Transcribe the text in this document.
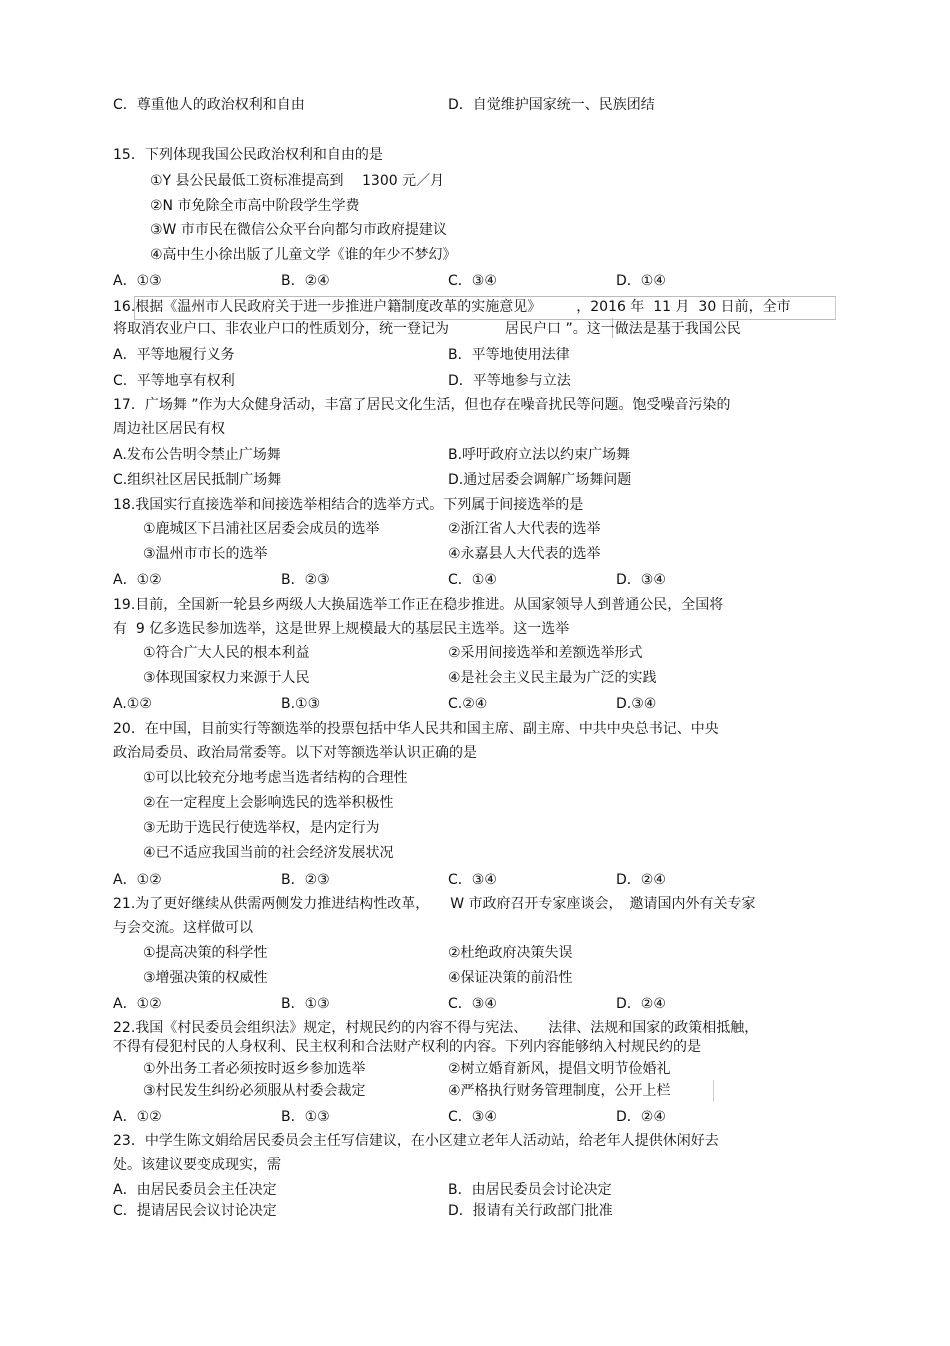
C．尊重他人的政治权利和自由	D．自觉维护国家统一、民族团结
15．下列体现我国公民政治权利和自由的是
①Y 县公民最低工资标准提高到　 1300 元／月
②N 市免除全市高中阶段学生学费
③W 市市民在微信公众平台向都匀市政府提建议
④高中生小徐出版了儿童文学《谁的年少不梦幻》
A．①③	B．②④	C．③④	D．①④
16.根据《温州市人民政府关于进一步推进户籍制度改革的实施意见》　　　，2016 年  11 月  30 日前，全市
将取消农业户口、非农业户口的性质划分，统一登记为　　　　居民户口 ”。这一做法是基于我国公民
A．平等地履行义务	B．平等地使用法律
C．平等地享有权利	D．平等地参与立法
17．广场舞 ”作为大众健身活动，丰富了居民文化生活，但也存在噪音扰民等问题。饱受噪音污染的
周边社区居民有权
A.发布公告明令禁止广场舞	B.呼吁政府立法以约束广场舞
C.组织社区居民抵制广场舞	D.通过居委会调解广场舞问题
18.我国实行直接选举和间接选举相结合的选举方式。下列属于间接选举的是
①鹿城区下吕浦社区居委会成员的选举	②浙江省人大代表的选举
③温州市市长的选举	④永嘉县人大代表的选举
A．①②	B．②③	C．①④	D．③④
19.目前，全国新一轮县乡两级人大换届选举工作正在稳步推进。从国家领导人到普通公民，全国将
有  9 亿多选民参加选举，这是世界上规模最大的基层民主选举。这一选举
①符合广大人民的根本利益	②采用间接选举和差额选举形式
③体现国家权力来源于人民	④是社会主义民主最为广泛的实践
A.①②	B.①③	C.②④	D.③④
20．在中国，目前实行等额选举的投票包括中华人民共和国主席、副主席、中共中央总书记、中央
政治局委员、政治局常委等。以下对等额选举认识正确的是
①可以比较充分地考虑当选者结构的合理性
②在一定程度上会影响选民的选举积极性
③无助于选民行使选举权，是内定行为
④已不适应我国当前的社会经济发展状况
A．①②	B．②③	C．③④	D．②④
21.为了更好继续从供需两侧发力推进结构性改革，　　W 市政府召开专家座谈会，　邀请国内外有关专家
与会交流。这样做可以
①提高决策的科学性	②杜绝政府决策失误
③增强决策的权威性	④保证决策的前沿性
A．①②	B．①③	C．③④	D．②④
22.我国《村民委员会组织法》规定，村规民约的内容不得与宪法、　　法律、法规和国家的政策相抵触，
不得有侵犯村民的人身权利、民主权利和合法财产权利的内容。下列内容能够纳入村规民约的是
①外出务工者必须按时返乡参加选举	②树立婚育新风，提倡文明节俭婚礼
③村民发生纠纷必须服从村委会裁定	④严格执行财务管理制度，公开上栏
A．①②	B．①③	C．③④	D．②④
23．中学生陈文娟给居民委员会主任写信建议，在小区建立老年人活动站，给老年人提供休闲好去
处。该建议要变成现实，需
A．由居民委员会主任决定	B．由居民委员会讨论决定
C．提请居民会议讨论决定	D．报请有关行政部门批准
